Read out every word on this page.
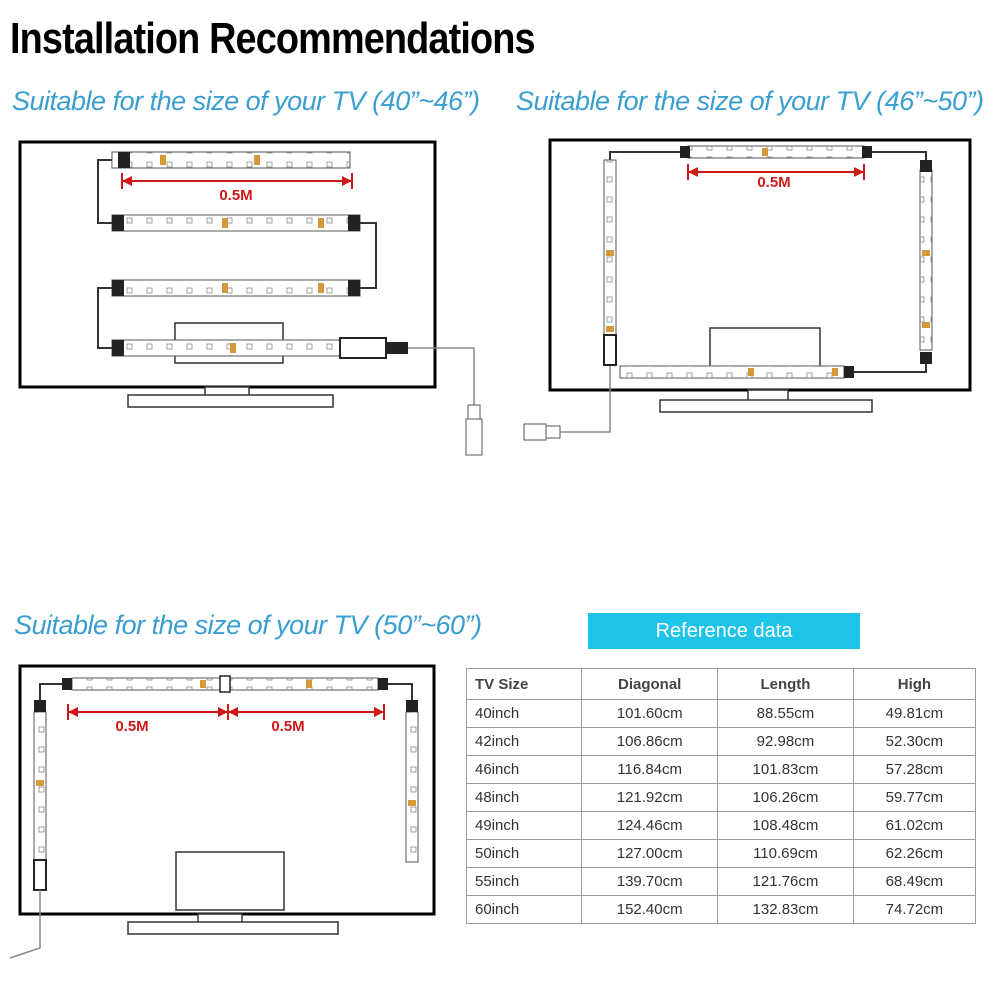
Installation Recommendations
Suitable for the size of your TV (40”~46”) Suitable for the size of your TV (46”~50”)
Suitable for the size of your TV (50”~60”)
0.5M
0.5M
0.5M	0.5M
Reference data
TV Size	Diagonal	Length	High
40inch	101.60cm	88.55cm	49.81cm
42inch	106.86cm	92.98cm	52.30cm
46inch	116.84cm	101.83cm	57.28cm
48inch	121.92cm	106.26cm	59.77cm
49inch	124.46cm	108.48cm	61.02cm
50inch	127.00cm	110.69cm	62.26cm
55inch	139.70cm	121.76cm	68.49cm
60inch	152.40cm	132.83cm	74.72cm
